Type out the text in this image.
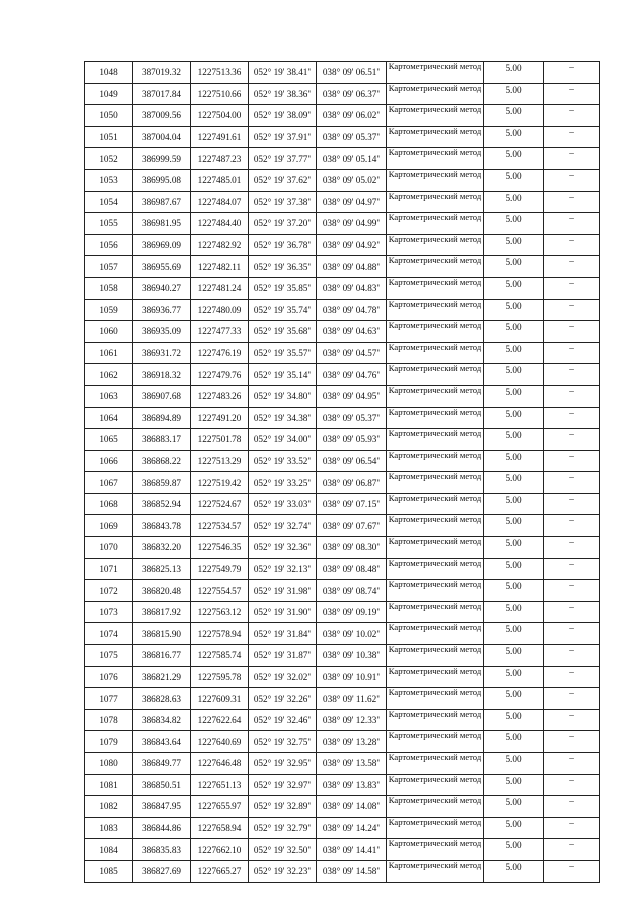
1048	387019.32	1227513.36	052° 19' 38.41"	038° 09' 06.51"	Картометрический метод	5.00	–
1049	387017.84	1227510.66	052° 19' 38.36"	038° 09' 06.37"	Картометрический метод	5.00	–
1050	387009.56	1227504.00	052° 19' 38.09"	038° 09' 06.02"	Картометрический метод	5.00	–
1051	387004.04	1227491.61	052° 19' 37.91"	038° 09' 05.37"	Картометрический метод	5.00	–
1052	386999.59	1227487.23	052° 19' 37.77"	038° 09' 05.14"	Картометрический метод	5.00	–
1053	386995.08	1227485.01	052° 19' 37.62"	038° 09' 05.02"	Картометрический метод	5.00	–
1054	386987.67	1227484.07	052° 19' 37.38"	038° 09' 04.97"	Картометрический метод	5.00	–
1055	386981.95	1227484.40	052° 19' 37.20"	038° 09' 04.99"	Картометрический метод	5.00	–
1056	386969.09	1227482.92	052° 19' 36.78"	038° 09' 04.92"	Картометрический метод	5.00	–
1057	386955.69	1227482.11	052° 19' 36.35"	038° 09' 04.88"	Картометрический метод	5.00	–
1058	386940.27	1227481.24	052° 19' 35.85"	038° 09' 04.83"	Картометрический метод	5.00	–
1059	386936.77	1227480.09	052° 19' 35.74"	038° 09' 04.78"	Картометрический метод	5.00	–
1060	386935.09	1227477.33	052° 19' 35.68"	038° 09' 04.63"	Картометрический метод	5.00	–
1061	386931.72	1227476.19	052° 19' 35.57"	038° 09' 04.57"	Картометрический метод	5.00	–
1062	386918.32	1227479.76	052° 19' 35.14"	038° 09' 04.76"	Картометрический метод	5.00	–
1063	386907.68	1227483.26	052° 19' 34.80"	038° 09' 04.95"	Картометрический метод	5.00	–
1064	386894.89	1227491.20	052° 19' 34.38"	038° 09' 05.37"	Картометрический метод	5.00	–
1065	386883.17	1227501.78	052° 19' 34.00"	038° 09' 05.93"	Картометрический метод	5.00	–
1066	386868.22	1227513.29	052° 19' 33.52"	038° 09' 06.54"	Картометрический метод	5.00	–
1067	386859.87	1227519.42	052° 19' 33.25"	038° 09' 06.87"	Картометрический метод	5.00	–
1068	386852.94	1227524.67	052° 19' 33.03"	038° 09' 07.15"	Картометрический метод	5.00	–
1069	386843.78	1227534.57	052° 19' 32.74"	038° 09' 07.67"	Картометрический метод	5.00	–
1070	386832.20	1227546.35	052° 19' 32.36"	038° 09' 08.30"	Картометрический метод	5.00	–
1071	386825.13	1227549.79	052° 19' 32.13"	038° 09' 08.48"	Картометрический метод	5.00	–
1072	386820.48	1227554.57	052° 19' 31.98"	038° 09' 08.74"	Картометрический метод	5.00	–
1073	386817.92	1227563.12	052° 19' 31.90"	038° 09' 09.19"	Картометрический метод	5.00	–
1074	386815.90	1227578.94	052° 19' 31.84"	038° 09' 10.02"	Картометрический метод	5.00	–
1075	386816.77	1227585.74	052° 19' 31.87"	038° 09' 10.38"	Картометрический метод	5.00	–
1076	386821.29	1227595.78	052° 19' 32.02"	038° 09' 10.91"	Картометрический метод	5.00	–
1077	386828.63	1227609.31	052° 19' 32.26"	038° 09' 11.62"	Картометрический метод	5.00	–
1078	386834.82	1227622.64	052° 19' 32.46"	038° 09' 12.33"	Картометрический метод	5.00	–
1079	386843.64	1227640.69	052° 19' 32.75"	038° 09' 13.28"	Картометрический метод	5.00	–
1080	386849.77	1227646.48	052° 19' 32.95"	038° 09' 13.58"	Картометрический метод	5.00	–
1081	386850.51	1227651.13	052° 19' 32.97"	038° 09' 13.83"	Картометрический метод	5.00	–
1082	386847.95	1227655.97	052° 19' 32.89"	038° 09' 14.08"	Картометрический метод	5.00	–
1083	386844.86	1227658.94	052° 19' 32.79"	038° 09' 14.24"	Картометрический метод	5.00	–
1084	386835.83	1227662.10	052° 19' 32.50"	038° 09' 14.41"	Картометрический метод	5.00	–
1085	386827.69	1227665.27	052° 19' 32.23"	038° 09' 14.58"	Картометрический метод	5.00	–
